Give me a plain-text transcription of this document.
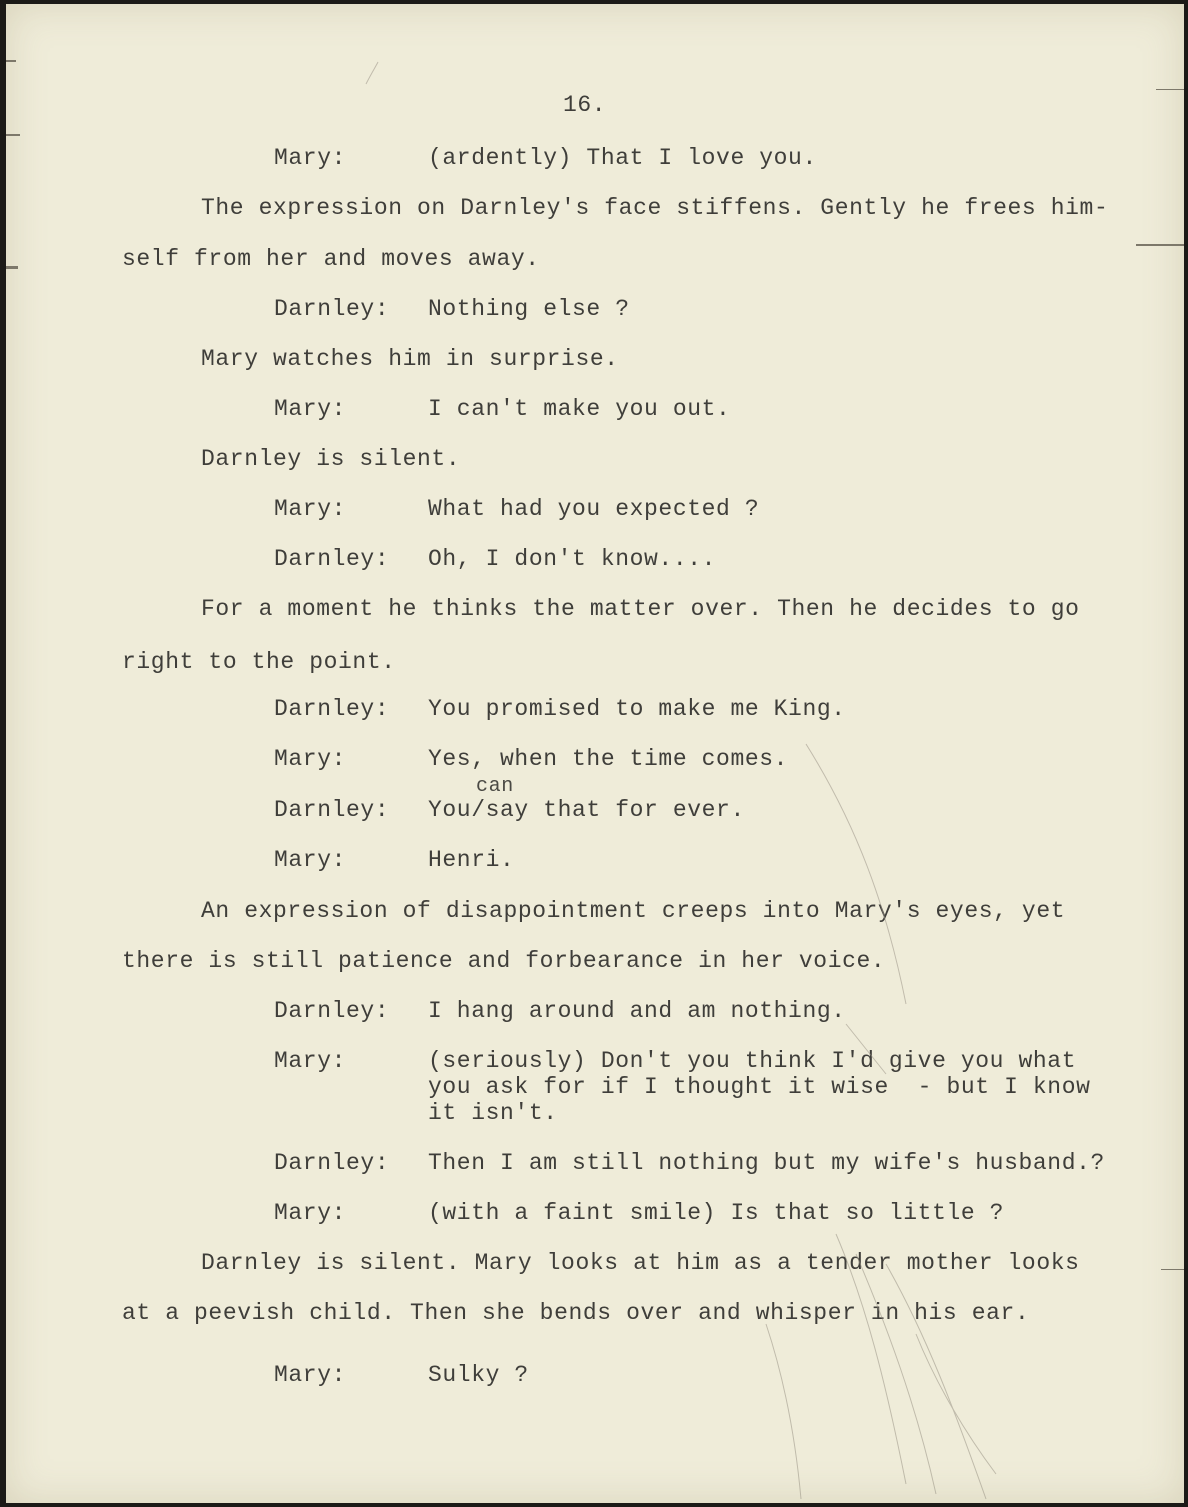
16.
Mary:	(ardently) That I love you.
The expression on Darnley's face stiffens. Gently he frees him-
self from her and moves away.
Darnley: Nothing else ?
Mary watches him in surprise.
Mary:	I can't make you out.
Darnley is silent.
Mary:	What had you expected ?
Darnley: Oh, I don't know....
For a moment he thinks the matter over. Then he decides to go
right to the point.
Darnley: You promised to make me King.
Mary:	Yes, when the time comes.
can
Darnley: You/say that for ever.
Mary:	Henri.
An expression of disappointment creeps into Mary's eyes, yet
there is still patience and forbearance in her voice.
Darnley: I hang around and am nothing.
Mary:	(seriously) Don't you think I'd give you what
you ask for if I thought it wise  - but I know
it isn't.
Darnley: Then I am still nothing but my wife's husband.?
Mary:	(with a faint smile) Is that so little ?
Darnley is silent. Mary looks at him as a tender mother looks
at a peevish child. Then she bends over and whisper in his ear.
Mary:	Sulky ?
